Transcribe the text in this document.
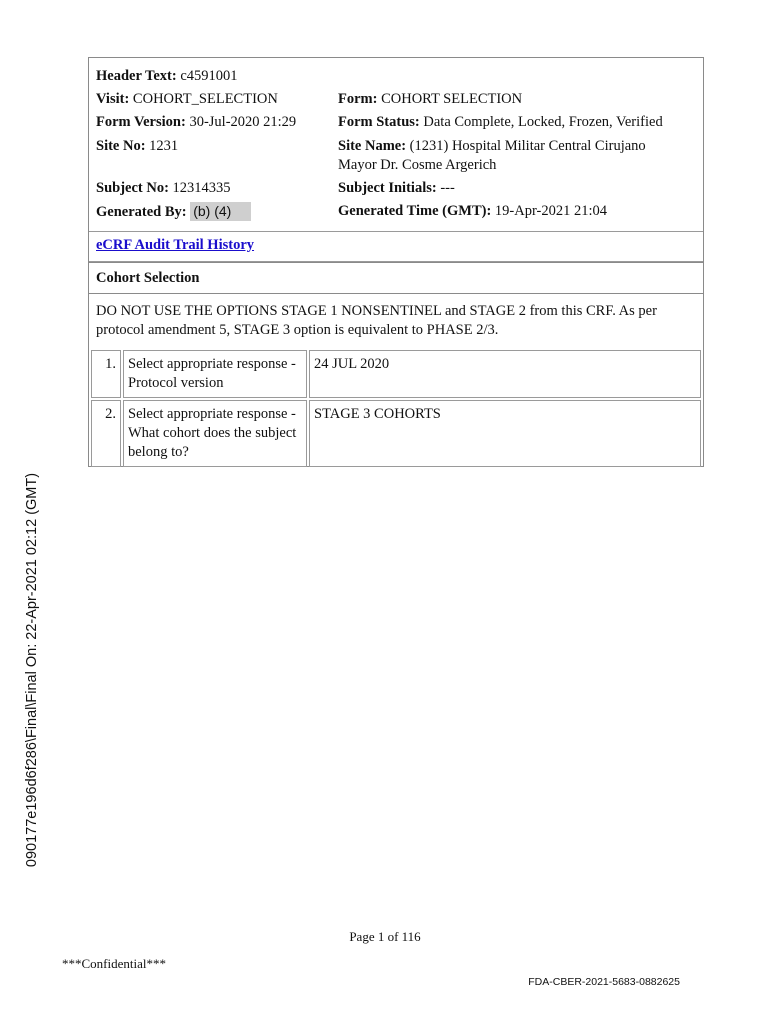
090177e196d6f286\Final\Final On: 22-Apr-2021 02:12 (GMT)
Header Text: c4591001
Visit: COHORT_SELECTION	Form: COHORT SELECTION
Form Version: 30-Jul-2020 21:29	Form Status: Data Complete, Locked, Frozen, Verified
Site No: 1231	Site Name: (1231) Hospital Militar Central Cirujano
Mayor Dr. Cosme Argerich
Subject No: 12314335	Subject Initials: ---
Generated By: (b) (4)	Generated Time (GMT): 19-Apr-2021 21:04
eCRF Audit Trail History
Cohort Selection
DO NOT USE THE OPTIONS STAGE 1 NONSENTINEL and STAGE 2 from this CRF. As per protocol amendment 5, STAGE 3 option is equivalent to PHASE 2/3.
1.	Select appropriate response - Protocol version	24 JUL 2020
2.	Select appropriate response - What cohort does the subject belong to?	STAGE 3 COHORTS
Page 1 of 116
***Confidential***
FDA-CBER-2021-5683-0882625
